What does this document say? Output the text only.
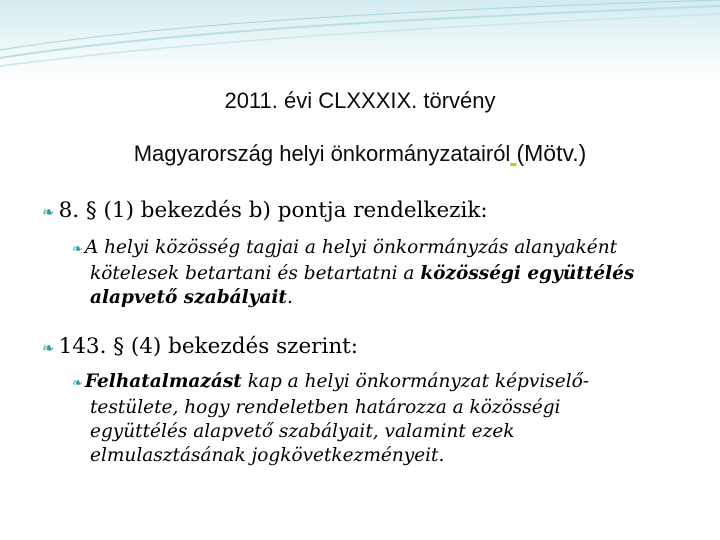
2011. évi CLXXXIX. törvény
Magyarország helyi önkormányzatairól (Mötv.)
❧ 8. § (1) bekezdés b) pontja rendelkezik:
❧ A helyi közösség tagjai a helyi önkormányzás alanyaként
kötelesek betartani és betartatni a közösségi együttélés
alapvető szabályait.
❧ 143. § (4) bekezdés szerint:
❧ Felhatalmazást kap a helyi önkormányzat képviselő-
testülete, hogy rendeletben határozza a közösségi
együttélés alapvető szabályait, valamint ezek
elmulasztásának jogkövetkezményeit.
